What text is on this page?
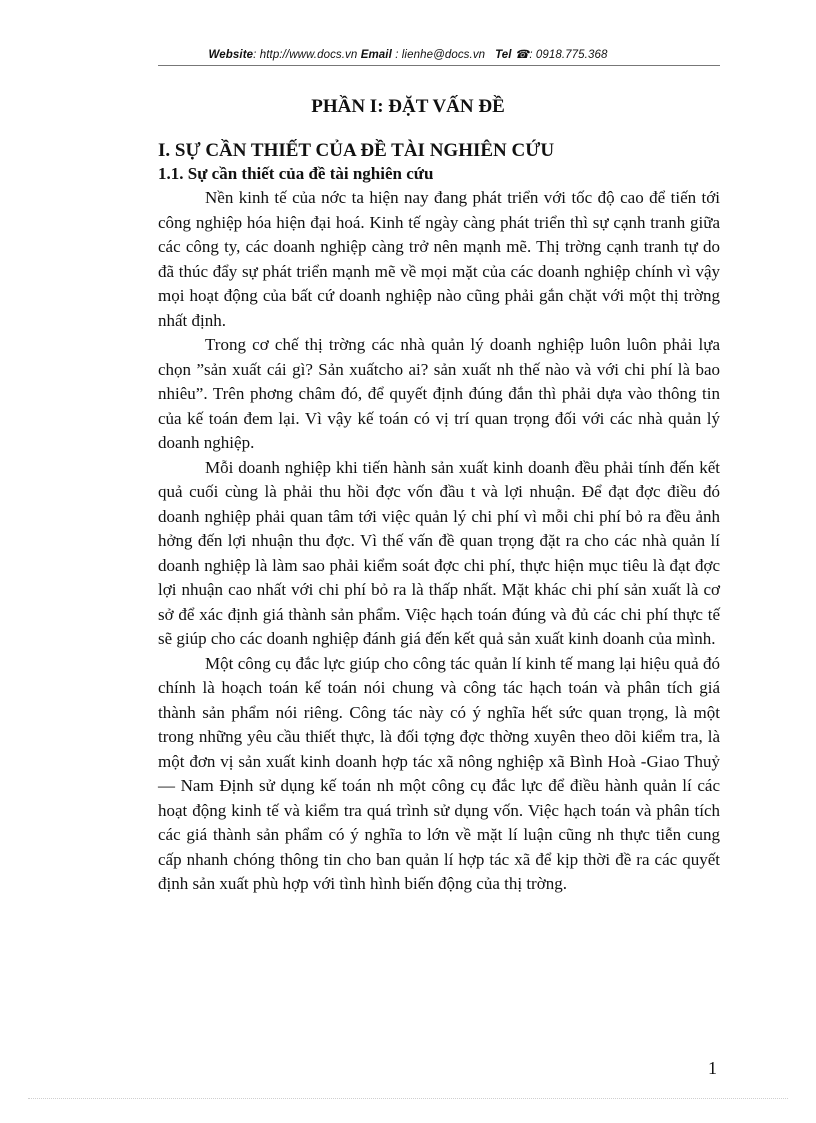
Website: http://www.docs.vn Email : lienhe@docs.vn Tel ☎: 0918.775.368
PHẦN I: ĐẶT VẤN ĐỀ
I. SỰ CẦN THIẾT CỦA ĐỀ TÀI NGHIÊN CỨU
1.1. Sự cần thiết của đề tài nghiên cứu

Nền kinh tế của nớc ta hiện nay đang phát triển với tốc độ cao để tiến tới công nghiệp hóa hiện đại hoá. Kinh tế ngày càng phát triển thì sự cạnh tranh giữa các công ty, các doanh nghiệp càng trở nên mạnh mẽ. Thị trờng cạnh tranh tự do đã thúc đẩy sự phát triển mạnh mẽ về mọi mặt của các doanh nghiệp chính vì vậy mọi hoạt động của bất cứ doanh nghiệp nào cũng phải gắn chặt với một thị trờng nhất định.

Trong cơ chế thị trờng các nhà quản lý doanh nghiệp luôn luôn phải lựa chọn ”sản xuất cái gì? Sản xuấtcho ai? sản xuất nh thế nào và với chi phí là bao nhiêu”. Trên phơng châm đó, để quyết định đúng đắn thì phải dựa vào thông tin của kế toán đem lại. Vì vậy kế toán có vị trí quan trọng đối với các nhà quản lý doanh nghiệp.

Mỗi doanh nghiệp khi tiến hành sản xuất kinh doanh đều phải tính đến kết quả cuối cùng là phải thu hồi đợc vốn đầu t và lợi nhuận. Để đạt đợc điều đó doanh nghiệp phải quan tâm tới việc quản lý chi phí vì mỗi chi phí bỏ ra đều ảnh hởng đến lợi nhuận thu đợc. Vì thế vấn đề quan trọng đặt ra cho các nhà quản lí doanh nghiệp là làm sao phải kiểm soát đợc chi phí, thực hiện mục tiêu là đạt đợc lợi nhuận cao nhất với chi phí bỏ ra là thấp nhất. Mặt khác chi phí sản xuất là cơ sở để xác định giá thành sản phẩm. Việc hạch toán đúng và đủ các chi phí thực tế sẽ giúp cho các doanh nghiệp đánh giá đến kết quả sản xuất kinh doanh của mình.

Một công cụ đắc lực giúp cho công tác quản lí kinh tế mang lại hiệu quả đó chính là hoạch toán kế toán nói chung và công tác hạch toán và phân tích giá thành sản phẩm nói riêng. Công tác này có ý nghĩa hết sức quan trọng, là một trong những yêu cầu thiết thực, là đối tợng đợc thờng xuyên theo dõi kiểm tra, là một đơn vị sản xuất kinh doanh hợp tác xã nông nghiệp xã Bình Hoà -Giao Thuỷ — Nam Định sử dụng kế toán nh một công cụ đắc lực để điều hành quản lí các hoạt động kinh tế và kiểm tra quá trình sử dụng vốn. Việc hạch toán và phân tích các giá thành sản phẩm có ý nghĩa to lớn về mặt lí luận cũng nh thực tiễn cung cấp nhanh chóng thông tin cho ban quản lí hợp tác xã để kịp thời đề ra các quyết định sản xuất phù hợp với tình hình biến động của thị trờng.

1
